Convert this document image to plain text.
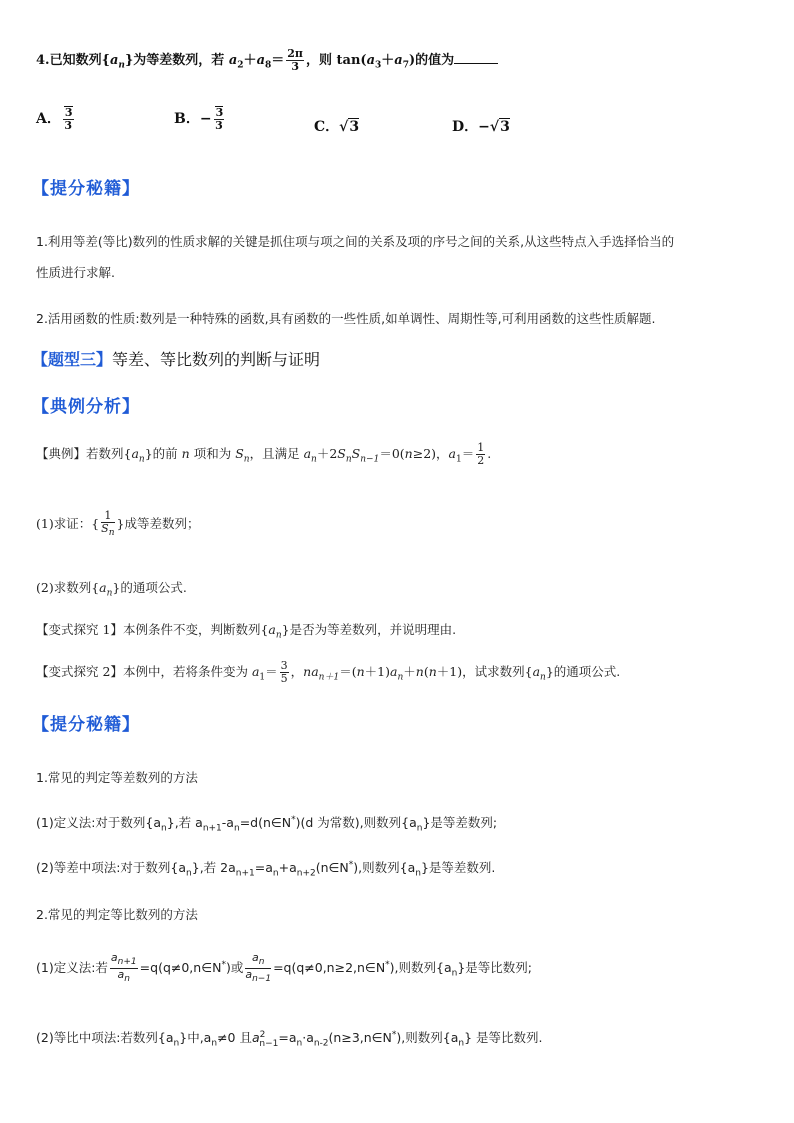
4.已知数列$\{a_n\}$为等差数列，若 $a_2+a_8= \frac{2\pi}{3}$ ，则 $\tan(a_3+a_7)$的值为
A． $\frac{3}{3}$	B．− $\frac{3}{3}$	C．√3	D．−√3
【提分秘籍】
1.利用等差(等比)数列的性质求解的关键是抓住项与项之间的关系及项的序号之间的关系,从这些特点入手选择恰当的
性质进行求解.
2.活用函数的性质:数列是一种特殊的函数,具有函数的一些性质,如单调性、周期性等,可利用函数的这些性质解题.
【题型三】等差、等比数列的判断与证明
【典例分析】
【典例】若数列$\{a_n\}$的前 n 项和为 $S_n$，且满足 $a_n+2S_nS_{n-1}=0(n\ge 2)$，$a_1= \frac{1}{2}$ .
(1)求证：{ $\frac{1}{S_n}$ }成等差数列；
(2)求数列$\{a_n\}$的通项公式.
【变式探究 1】本例条件不变，判断数列$\{a_n\}$是否为等差数列，并说明理由.
【变式探究 2】本例中，若将条件变为 $a_1= \frac{3}{5}$ ，$na_{n+1}=(n+1)a_n+n(n+1)$，试求数列$\{a_n\}$的通项公式.
【提分秘籍】
1.常见的判定等差数列的方法
(1)定义法:对于数列$\{a_n\}$,若 $a_{n+1}-a_n=d(n\in N^*)(d$ 为常数),则数列$\{a_n\}$是等差数列;
(2)等差中项法:对于数列$\{a_n\}$,若 $2a_{n+1}=a_n+a_{n+2}(n\in N^*)$,则数列$\{a_n\}$是等差数列.
2.常见的判定等比数列的方法
(1)定义法:若 $\frac{a_{n+1}}{a_n}$ =q(q≠0,n∈N*)或 $\frac{a_n}{a_{n-1}}$ =q(q≠0,n≥2,n∈N*),则数列$\{a_n\}$是等比数列;
(2)等比中项法:若数列$\{a_n\}$中$,a_n\ne 0$ 且$a^2_{n-1}=a_n\cdot a_{n-2}(n\ge 3,n\in N^*)$,则数列$\{a_n\}$ 是等比数列.
